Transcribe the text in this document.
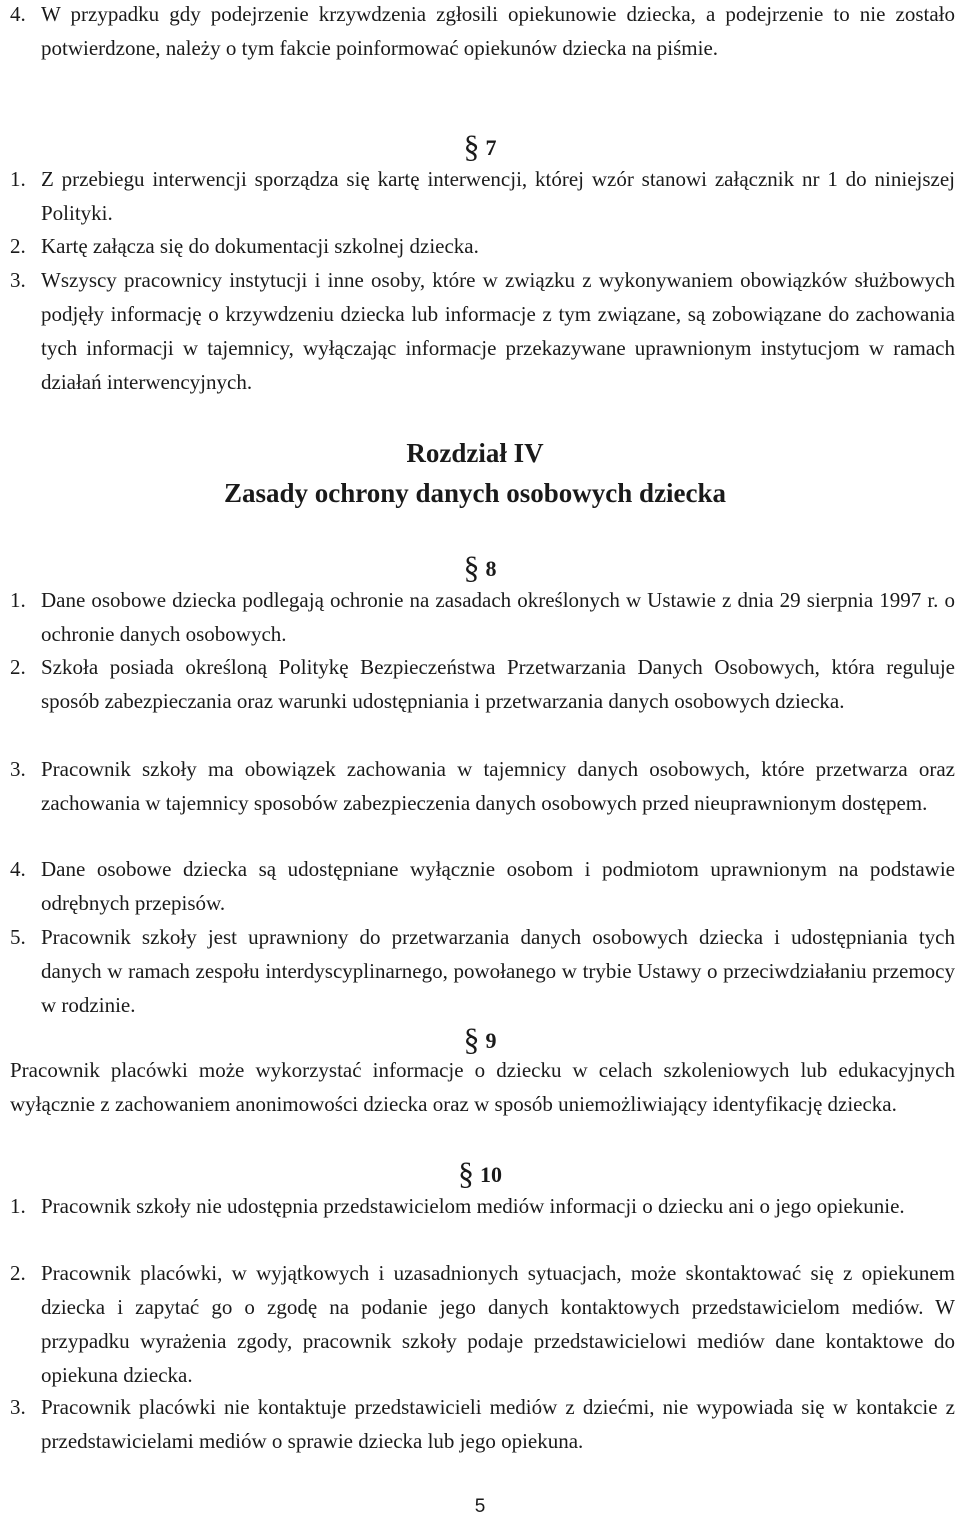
4. W przypadku gdy podejrzenie krzywdzenia zgłosili opiekunowie dziecka, a podejrzenie to nie zostało potwierdzone, należy o tym fakcie poinformować opiekunów dziecka na piśmie.
§ 7
1. Z przebiegu interwencji sporządza się kartę interwencji, której wzór stanowi załącznik nr 1 do niniejszej Polityki.
2. Kartę załącza się do dokumentacji szkolnej dziecka.
3. Wszyscy pracownicy instytucji i inne osoby, które w związku z wykonywaniem obowiązków służbowych podjęły informację o krzywdzeniu dziecka lub informacje z tym związane, są zobowiązane do zachowania tych informacji w tajemnicy, wyłączając informacje przekazywane uprawnionym instytucjom w ramach działań interwencyjnych.
Rozdział IV
Zasady ochrony danych osobowych dziecka
§ 8
1. Dane osobowe dziecka podlegają ochronie na zasadach określonych w Ustawie z dnia 29 sierpnia 1997 r. o ochronie danych osobowych.
2. Szkoła posiada określoną Politykę Bezpieczeństwa Przetwarzania Danych Osobowych, która reguluje sposób zabezpieczania oraz warunki udostępniania i przetwarzania danych osobowych dziecka.
3. Pracownik szkoły ma obowiązek zachowania w tajemnicy danych osobowych, które przetwarza oraz zachowania w tajemnicy sposobów zabezpieczenia danych osobowych przed nieuprawnionym dostępem.
4. Dane osobowe dziecka są udostępniane wyłącznie osobom i podmiotom uprawnionym na podstawie odrębnych przepisów.
5. Pracownik szkoły jest uprawniony do przetwarzania danych osobowych dziecka i udostępniania tych danych w ramach zespołu interdyscyplinarnego, powołanego w trybie Ustawy o przeciwdziałaniu przemocy w rodzinie.
§ 9
Pracownik placówki może wykorzystać informacje o dziecku w celach szkoleniowych lub edukacyjnych wyłącznie z zachowaniem anonimowości dziecka oraz w sposób uniemożliwiający identyfikację dziecka.
§ 10
1. Pracownik szkoły nie udostępnia przedstawicielom mediów informacji o dziecku ani o jego opiekunie.
2. Pracownik placówki, w wyjątkowych i uzasadnionych sytuacjach, może skontaktować się z opiekunem dziecka i zapytać go o zgodę na podanie jego danych kontaktowych przedstawicielom mediów. W przypadku wyrażenia zgody, pracownik szkoły podaje przedstawicielowi mediów dane kontaktowe do opiekuna dziecka.
3. Pracownik placówki nie kontaktuje przedstawicieli mediów z dziećmi, nie wypowiada się w kontakcie z przedstawicielami mediów o sprawie dziecka lub jego opiekuna.
5
